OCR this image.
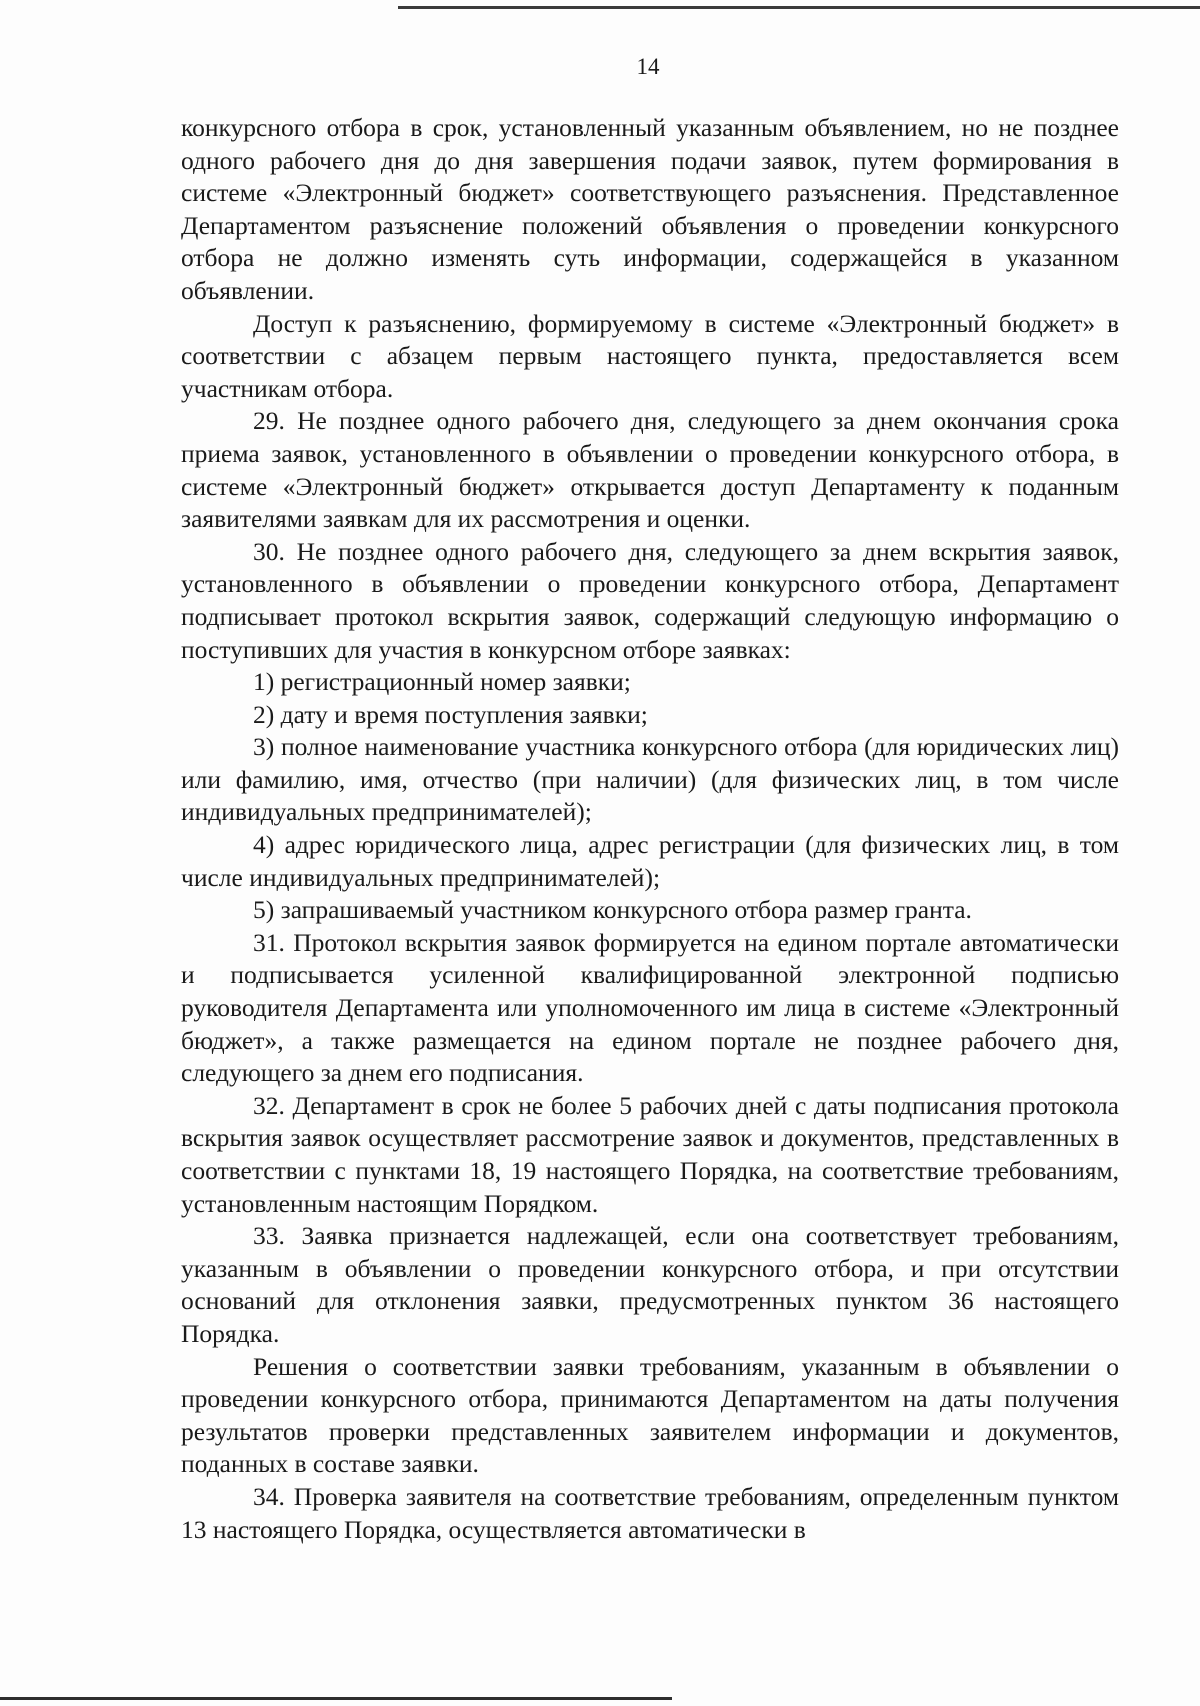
14

конкурсного отбора в срок, установленный указанным объявлением, но не позднее одного рабочего дня до дня завершения подачи заявок, путем формирования в системе «Электронный бюджет» соответствующего разъяснения. Представленное Департаментом разъяснение положений объявления о проведении конкурсного отбора не должно изменять суть информации, содержащейся в указанном объявлении.

Доступ к разъяснению, формируемому в системе «Электронный бюджет» в соответствии с абзацем первым настоящего пункта, предоставляется всем участникам отбора.

29. Не позднее одного рабочего дня, следующего за днем окончания срока приема заявок, установленного в объявлении о проведении конкурсного отбора, в системе «Электронный бюджет» открывается доступ Департаменту к поданным заявителями заявкам для их рассмотрения и оценки.

30. Не позднее одного рабочего дня, следующего за днем вскрытия заявок, установленного в объявлении о проведении конкурсного отбора, Департамент подписывает протокол вскрытия заявок, содержащий следующую информацию о поступивших для участия в конкурсном отборе заявках:

1) регистрационный номер заявки;

2) дату и время поступления заявки;

3) полное наименование участника конкурсного отбора (для юридических лиц) или фамилию, имя, отчество (при наличии) (для физических лиц, в том числе индивидуальных предпринимателей);

4) адрес юридического лица, адрес регистрации (для физических лиц, в том числе индивидуальных предпринимателей);

5) запрашиваемый участником конкурсного отбора размер гранта.

31. Протокол вскрытия заявок формируется на едином портале автоматически и подписывается усиленной квалифицированной электронной подписью руководителя Департамента или уполномоченного им лица в системе «Электронный бюджет», а также размещается на едином портале не позднее рабочего дня, следующего за днем его подписания.

32. Департамент в срок не более 5 рабочих дней с даты подписания протокола вскрытия заявок осуществляет рассмотрение заявок и документов, представленных в соответствии с пунктами 18, 19 настоящего Порядка, на соответствие требованиям, установленным настоящим Порядком.

33. Заявка признается надлежащей, если она соответствует требованиям, указанным в объявлении о проведении конкурсного отбора, и при отсутствии оснований для отклонения заявки, предусмотренных пунктом 36 настоящего Порядка.

Решения о соответствии заявки требованиям, указанным в объявлении о проведении конкурсного отбора, принимаются Департаментом на даты получения результатов проверки представленных заявителем информации и документов, поданных в составе заявки.

34. Проверка заявителя на соответствие требованиям, определенным пунктом 13 настоящего Порядка, осуществляется автоматически в
